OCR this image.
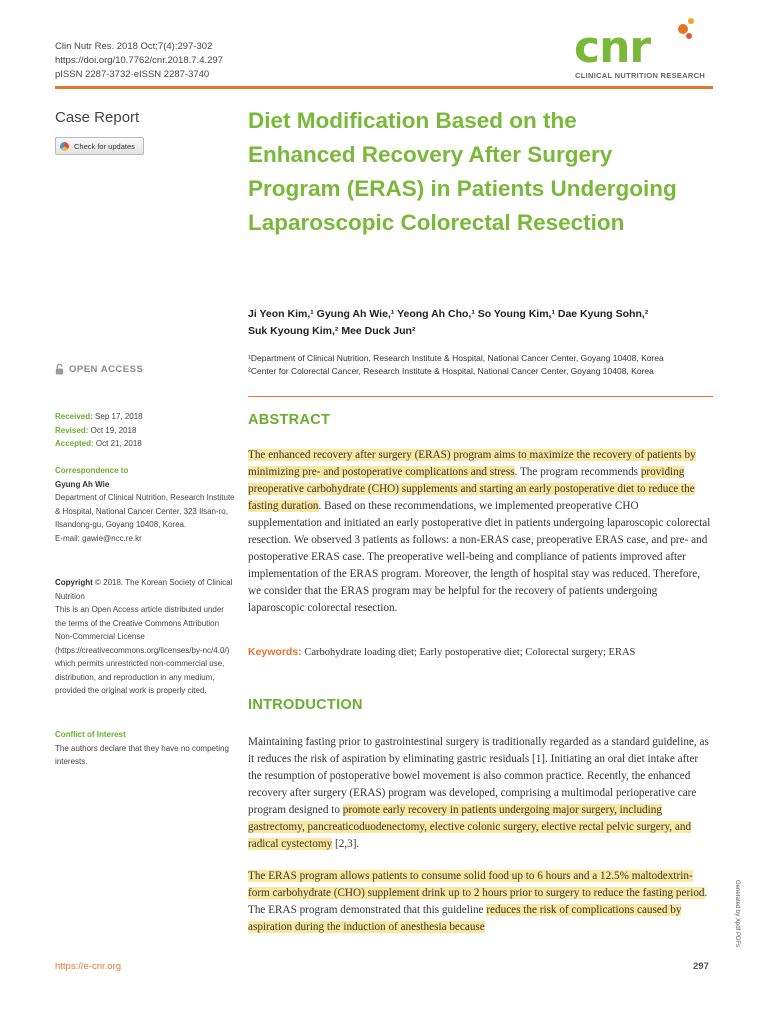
Clin Nutr Res. 2018 Oct;7(4):297-302
https://doi.org/10.7762/cnr.2018.7.4.297
pISSN 2287-3732·eISSN 2287-3740
cnr
CLINICAL NUTRITION RESEARCH
Case Report
Check for updates
OPEN ACCESS

Received: Sep 17, 2018

Revised: Oct 19, 2018

Accepted: Oct 21, 2018

Correspondence to

Gyung Ah Wie

Department of Clinical Nutrition, Research Institute & Hospital, National Cancer Center, 323 Ilsan-ro, Ilsandong-gu, Goyang 10408, Korea.

E-mail: gawie@ncc.re.kr

Copyright © 2018. The Korean Society of Clinical Nutrition

This is an Open Access article distributed under the terms of the Creative Commons Attribution Non-Commercial License (https://creativecommons.org/licenses/by-nc/4.0/) which permits unrestricted non-commercial use, distribution, and reproduction in any medium, provided the original work is properly cited.

Conflict of Interest

The authors declare that they have no competing interests.

Diet Modification Based on the Enhanced Recovery After Surgery Program (ERAS) in Patients Undergoing Laparoscopic Colorectal Resection
Ji Yeon Kim,¹ Gyung Ah Wie,¹ Yeong Ah Cho,¹ So Young Kim,¹ Dae Kyung Sohn,²
Suk Kyoung Kim,² Mee Duck Jun²
¹Department of Clinical Nutrition, Research Institute & Hospital, National Cancer Center, Goyang 10408, Korea
²Center for Colorectal Cancer, Research Institute & Hospital, National Cancer Center, Goyang 10408, Korea
ABSTRACT
The enhanced recovery after surgery (ERAS) program aims to maximize the recovery of patients by minimizing pre- and postoperative complications and stress. The program recommends providing preoperative carbohydrate (CHO) supplements and starting an early postoperative diet to reduce the fasting duration. Based on these recommendations, we implemented preoperative CHO supplementation and initiated an early postoperative diet in patients undergoing laparoscopic colorectal resection. We observed 3 patients as follows: a non-ERAS case, preoperative ERAS case, and pre- and postoperative ERAS case. The preoperative well-being and compliance of patients improved after implementation of the ERAS program. Moreover, the length of hospital stay was reduced. Therefore, we consider that the ERAS program may be helpful for the recovery of patients undergoing laparoscopic colorectal resection.
Keywords: Carbohydrate loading diet; Early postoperative diet; Colorectal surgery; ERAS
INTRODUCTION
Maintaining fasting prior to gastrointestinal surgery is traditionally regarded as a standard guideline, as it reduces the risk of aspiration by eliminating gastric residuals [1]. Initiating an oral diet intake after the resumption of postoperative bowel movement is also common practice. Recently, the enhanced recovery after surgery (ERAS) program was developed, comprising a multimodal perioperative care program designed to promote early recovery in patients undergoing major surgery, including gastrectomy, pancreaticoduodenectomy, elective colonic surgery, elective rectal pelvic surgery, and radical cystectomy [2,3].
The ERAS program allows patients to consume solid food up to 6 hours and a 12.5% maltodextrin-form carbohydrate (CHO) supplement drink up to 2 hours prior to surgery to reduce the fasting period. The ERAS program demonstrated that this guideline reduces the risk of complications caused by aspiration during the induction of anesthesia because
https://e-cnr.org	297
Generated by Xpdf PDFs
